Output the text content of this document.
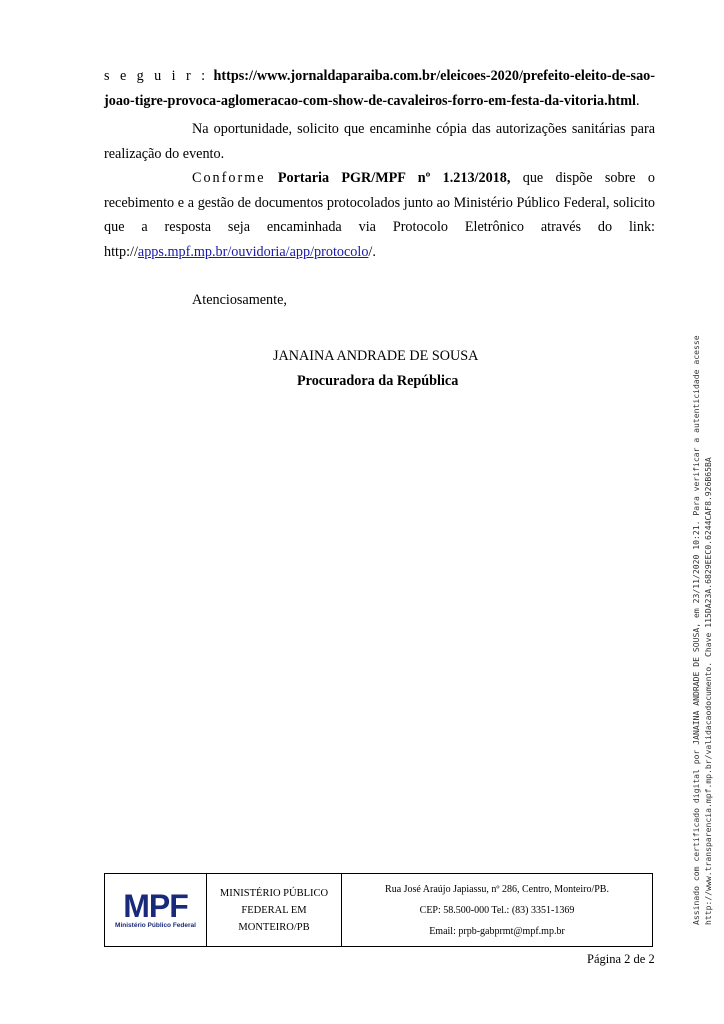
s e g u i r : https://www.jornaldaparaiba.com.br/eleicoes-2020/prefeito-eleito-de-sao-joao-tigre-provoca-aglomeracao-com-show-de-cavaleiros-forro-em-festa-da-vitoria.html.

Na oportunidade, solicito que encaminhe cópia das autorizações sanitárias para realização do evento.

Conforme Portaria PGR/MPF nº 1.213/2018, que dispõe sobre o recebimento e a gestão de documentos protocolados junto ao Ministério Público Federal, solicito que a resposta seja encaminhada via Protocolo Eletrônico através do link: http://apps.mpf.mp.br/ouvidoria/app/protocolo/.

Atenciosamente,
JANAINA ANDRADE DE SOUSA
Procuradora da República	Assinado com certificado digital por JANAINA ANDRADE DE SOUSA, em 23/11/2020 10:21. Para verificar a autenticidade acesse http://www.transparencia.mpf.mp.br/validacaodocumento. Chave 115DA23A.6829EEC0.6244CAF8.926B65BA
MPF
Ministério Público Federal
MINISTÉRIO PÚBLICO
FEDERAL EM
MONTEIRO/PB
Rua José Araújo Japiassu, nº 286, Centro, Monteiro/PB.
CEP: 58.500-000 Tel.: (83) 3351-1369
Email: prpb-gabprmt@mpf.mp.br
Página 2 de 2
